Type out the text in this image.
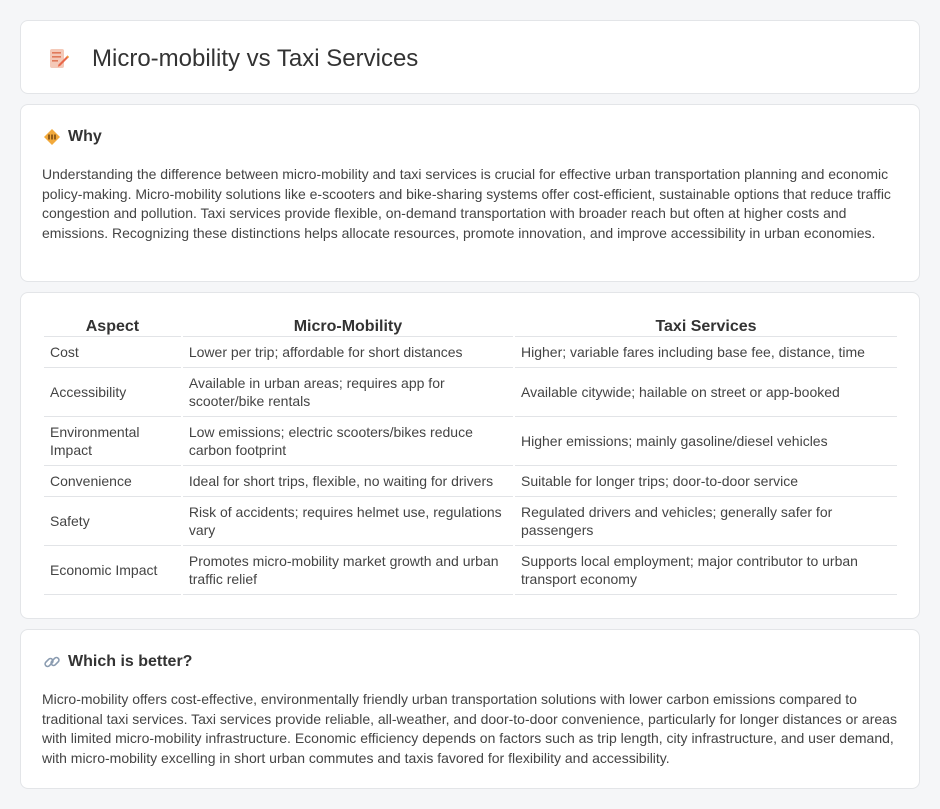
Micro-mobility vs Taxi Services
Why

Understanding the difference between micro-mobility and taxi services is crucial for effective urban transportation planning and economic policy-making. Micro-mobility solutions like e-scooters and bike-sharing systems offer cost-efficient, sustainable options that reduce traffic congestion and pollution. Taxi services provide flexible, on-demand transportation with broader reach but often at higher costs and emissions. Recognizing these distinctions helps allocate resources, promote innovation, and improve accessibility in urban economies.

Aspect	Micro-Mobility	Taxi Services
Cost	Lower per trip; affordable for short distances	Higher; variable fares including base fee, distance, time
Accessibility	Available in urban areas; requires app for scooter/bike rentals	Available citywide; hailable on street or app-booked
Environmental Impact	Low emissions; electric scooters/bikes reduce carbon footprint	Higher emissions; mainly gasoline/diesel vehicles
Convenience	Ideal for short trips, flexible, no waiting for drivers	Suitable for longer trips; door-to-door service
Safety	Risk of accidents; requires helmet use, regulations vary	Regulated drivers and vehicles; generally safer for passengers
Economic Impact	Promotes micro-mobility market growth and urban traffic relief	Supports local employment; major contributor to urban transport economy
Which is better?

Micro-mobility offers cost-effective, environmentally friendly urban transportation solutions with lower carbon emissions compared to traditional taxi services. Taxi services provide reliable, all-weather, and door-to-door convenience, particularly for longer distances or areas with limited micro-mobility infrastructure. Economic efficiency depends on factors such as trip length, city infrastructure, and user demand, with micro-mobility excelling in short urban commutes and taxis favored for flexibility and accessibility.
